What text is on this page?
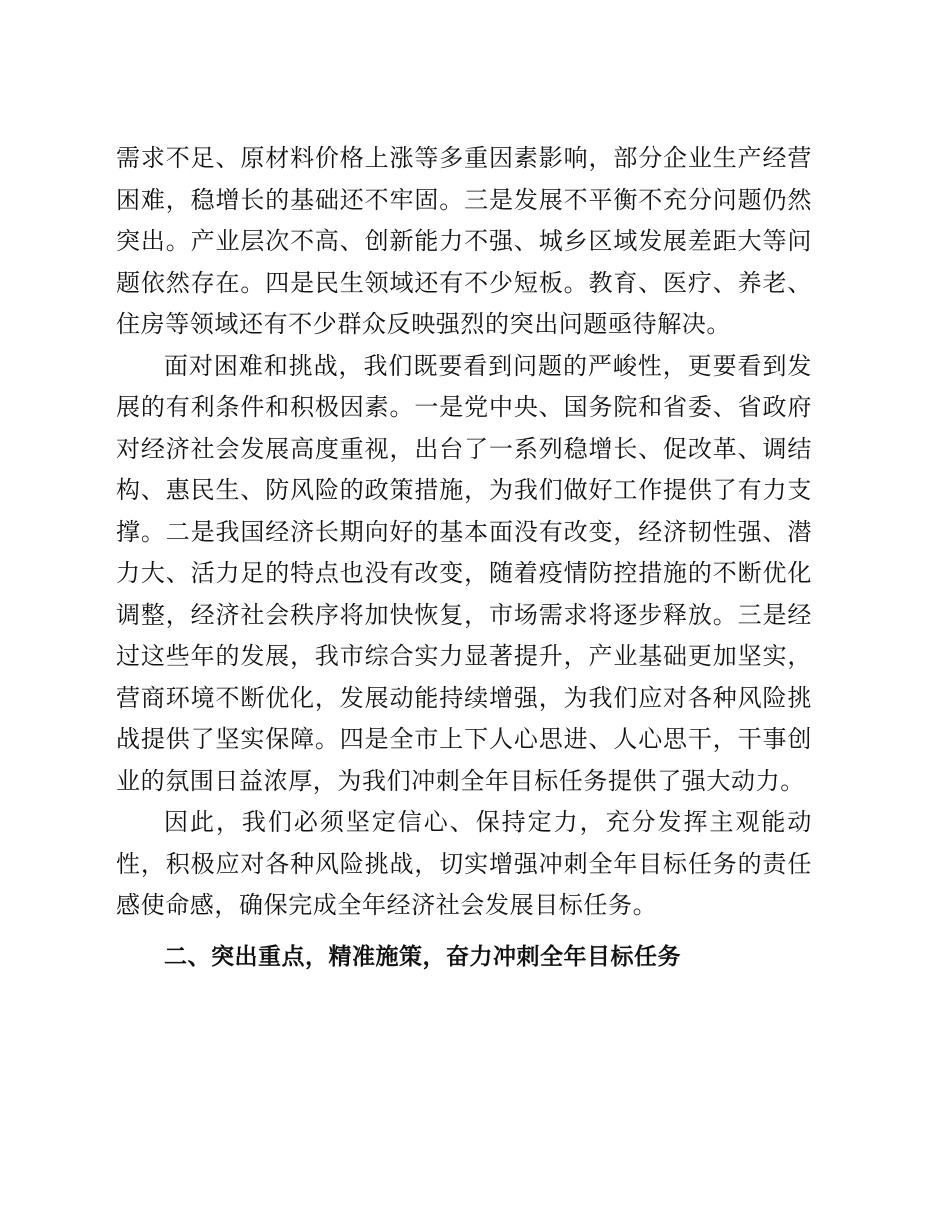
需求不足、原材料价格上涨等多重因素影响，部分企业生产经营困难，稳增长的基础还不牢固。三是发展不平衡不充分问题仍然突出。产业层次不高、创新能力不强、城乡区域发展差距大等问题依然存在。四是民生领域还有不少短板。教育、医疗、养老、住房等领域还有不少群众反映强烈的突出问题亟待解决。

面对困难和挑战，我们既要看到问题的严峻性，更要看到发展的有利条件和积极因素。一是党中央、国务院和省委、省政府对经济社会发展高度重视，出台了一系列稳增长、促改革、调结构、惠民生、防风险的政策措施，为我们做好工作提供了有力支撑。二是我国经济长期向好的基本面没有改变，经济韧性强、潜力大、活力足的特点也没有改变，随着疫情防控措施的不断优化调整，经济社会秩序将加快恢复，市场需求将逐步释放。三是经过这些年的发展，我市综合实力显著提升，产业基础更加坚实，营商环境不断优化，发展动能持续增强，为我们应对各种风险挑战提供了坚实保障。四是全市上下人心思进、人心思干，干事创业的氛围日益浓厚，为我们冲刺全年目标任务提供了强大动力。

因此，我们必须坚定信心、保持定力，充分发挥主观能动性，积极应对各种风险挑战，切实增强冲刺全年目标任务的责任感使命感，确保完成全年经济社会发展目标任务。

二、突出重点，精准施策，奋力冲刺全年目标任务
